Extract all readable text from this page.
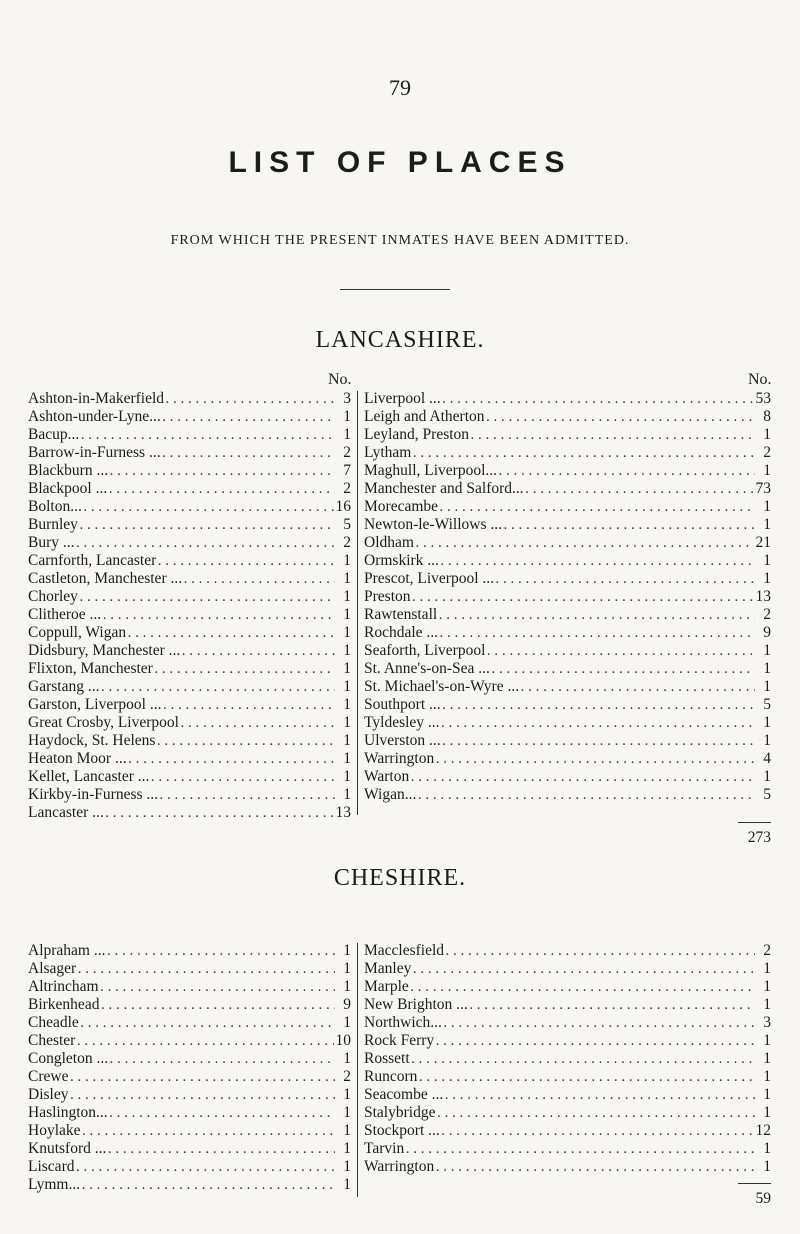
79
LIST OF PLACES
FROM WHICH THE PRESENT INMATES HAVE BEEN ADMITTED.
LANCASHIRE.
No.	No.
Ashton-in-Makerfield . . .	3
Ashton-under-Lyne... . . .	1
Bacup... . . .	1
Barrow-in-Furness ... . . .	2
Blackburn ... . . .	7
Blackpool ... . . .	2
Bolton... . . .	16
Burnley . . .	5
Bury ... . . .	2
Carnforth, Lancaster . . .	1
Castleton, Manchester ... . . .	1
Chorley . . .	1
Clitheroe ... . . .	1
Coppull, Wigan . . .	1
Didsbury, Manchester ... . . .	1
Flixton, Manchester . . .	1
Garstang ... . . .	1
Garston, Liverpool ... . . .	1
Great Crosby, Liverpool . . .	1
Haydock, St. Helens . . .	1
Heaton Moor ... . . .	1
Kellet, Lancaster ... . . .	1
Kirkby-in-Furness ... . . .	1
Lancaster ... . . .	13
Liverpool ... . . .	53
Leigh and Atherton . . .	8
Leyland, Preston . . .	1
Lytham . . .	2
Maghull, Liverpool... . . .	1
Manchester and Salford... . . .	73
Morecambe . . .	1
Newton-le-Willows ... . . .	1
Oldham . . .	21
Ormskirk ... . . .	1
Prescot, Liverpool ... . . .	1
Preston . . .	13
Rawtenstall . . .	2
Rochdale ... . . .	9
Seaforth, Liverpool . . .	1
St. Anne's-on-Sea ... . . .	1
St. Michael's-on-Wyre ... . . .	1
Southport ... . . .	5
Tyldesley ... . . .	1
Ulverston ... . . .	1
Warrington . . .	4
Warton . . .	1
Wigan... . . .	5
273
CHESHIRE.
Alpraham ... . . .	1
Alsager . . .	1
Altrincham . . .	1
Birkenhead . . .	9
Cheadle . . .	1
Chester . . .	10
Congleton ... . . .	1
Crewe . . .	2
Disley . . .	1
Haslington... . . .	1
Hoylake . . .	1
Knutsford ... . . .	1
Liscard . . .	1
Lymm... . . .	1
Macclesfield . . .	2
Manley . . .	1
Marple . . .	1
New Brighton ... . . .	1
Northwich... . . .	3
Rock Ferry . . .	1
Rossett . . .	1
Runcorn . . .	1
Seacombe ... . . .	1
Stalybridge . . .	1
Stockport ... . . .	12
Tarvin . . .	1
Warrington . . .	1
59
